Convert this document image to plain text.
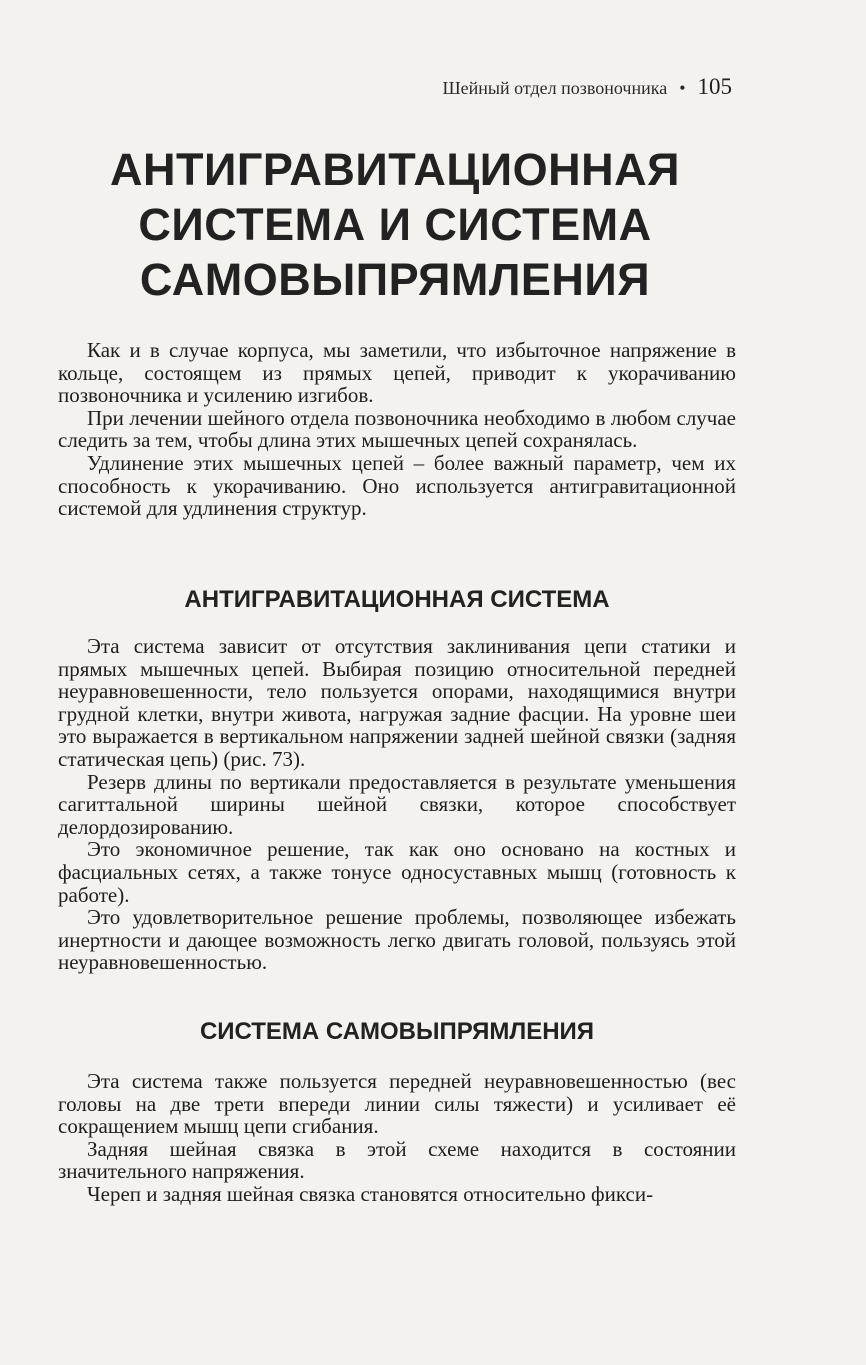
Шейный отдел позвоночника • 105
АНТИГРАВИТАЦИОННАЯ
СИСТЕМА И СИСТЕМА
САМОВЫПРЯМЛЕНИЯ

Как и в случае корпуса, мы заметили, что избыточное напряжение в кольце, состоящем из прямых цепей, приводит к укорачиванию позвоночника и усилению изгибов.

При лечении шейного отдела позвоночника необходимо в любом случае следить за тем, чтобы длина этих мышечных цепей сохранялась.

Удлинение этих мышечных цепей – более важный параметр, чем их способность к укорачиванию. Оно используется антигравитационной системой для удлинения структур.

АНТИГРАВИТАЦИОННАЯ СИСТЕМА

Эта система зависит от отсутствия заклинивания цепи статики и прямых мышечных цепей. Выбирая позицию относительной передней неуравновешенности, тело пользуется опорами, находящимися внутри грудной клетки, внутри живота, нагружая задние фасции. На уровне шеи это выражается в вертикальном напряжении задней шейной связки (задняя статическая цепь) (рис. 73).

Резерв длины по вертикали предоставляется в результате уменьшения сагиттальной ширины шейной связки, которое способствует делордозированию.

Это экономичное решение, так как оно основано на костных и фасциальных сетях, а также тонусе односуставных мышц (готовность к работе).

Это удовлетворительное решение проблемы, позволяющее избежать инертности и дающее возможность легко двигать головой, пользуясь этой неуравновешенностью.

СИСТЕМА САМОВЫПРЯМЛЕНИЯ

Эта система также пользуется передней неуравновешенностью (вес головы на две трети впереди линии силы тяжести) и усиливает её сокращением мышц цепи сгибания.

Задняя шейная связка в этой схеме находится в состоянии значительного напряжения.

Череп и задняя шейная связка становятся относительно фикси-
